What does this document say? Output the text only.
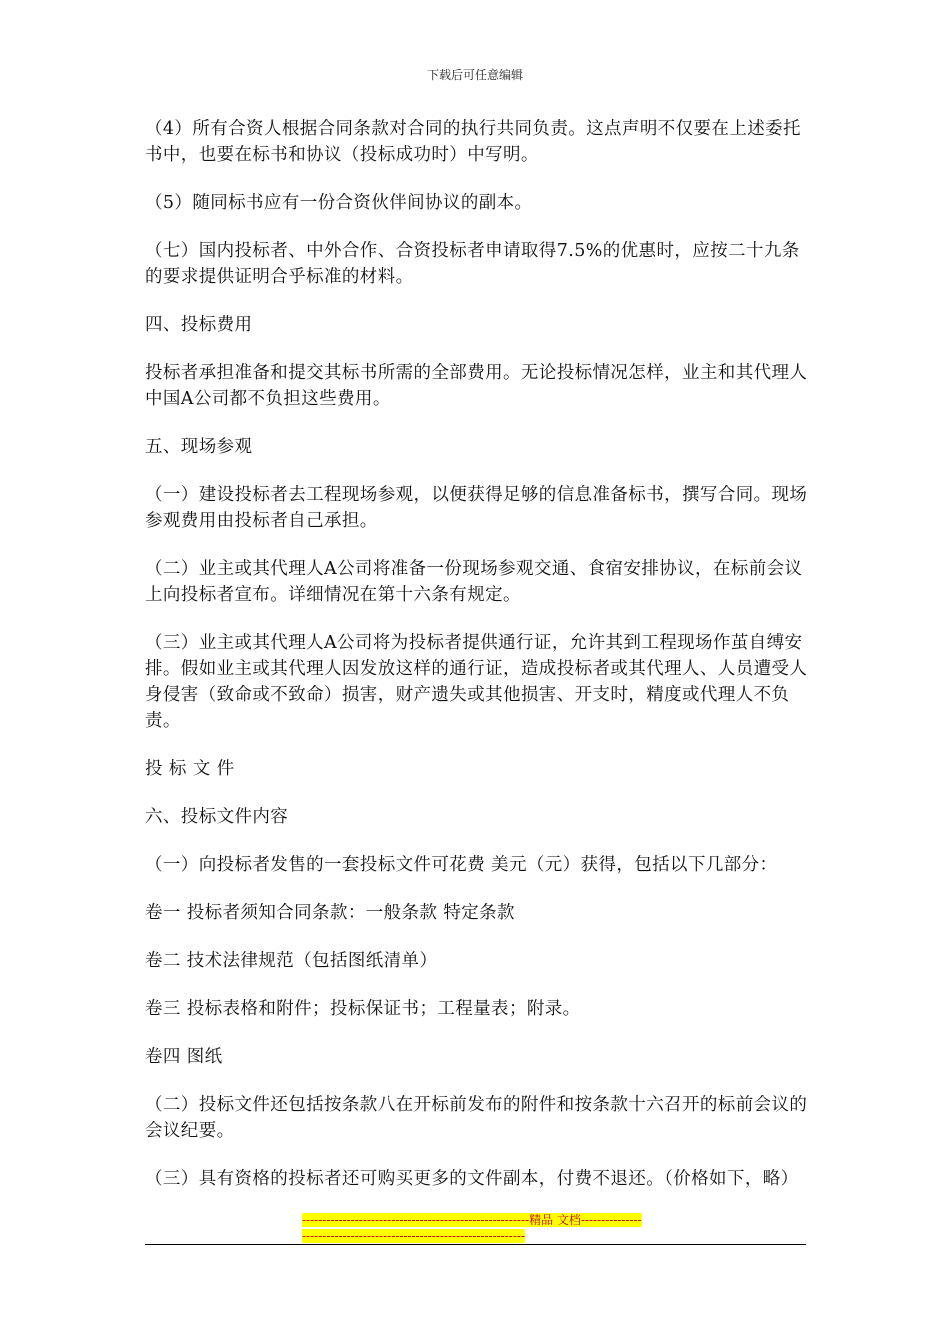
下载后可任意编辑

（4）所有合资人根据合同条款对合同的执行共同负责。这点声明不仅要在上述委托书中，也要在标书和协议（投标成功时）中写明。

（5）随同标书应有一份合资伙伴间协议的副本。

（七）国内投标者、中外合作、合资投标者申请取得7.5%的优惠时，应按二十九条的要求提供证明合乎标准的材料。

四、投标费用

投标者承担准备和提交其标书所需的全部费用。无论投标情况怎样，业主和其代理人中国A公司都不负担这些费用。

五、现场参观

（一）建设投标者去工程现场参观，以便获得足够的信息准备标书，撰写合同。现场参观费用由投标者自己承担。

（二）业主或其代理人A公司将准备一份现场参观交通、食宿安排协议，在标前会议上向投标者宣布。详细情况在第十六条有规定。

（三）业主或其代理人A公司将为投标者提供通行证，允许其到工程现场作茧自缚安排。假如业主或其代理人因发放这样的通行证，造成投标者或其代理人、人员遭受人身侵害（致命或不致命）损害，财产遗失或其他损害、开支时，精度或代理人不负责。

投 标 文 件

六、投标文件内容

（一）向投标者发售的一套投标文件可花费 美元（元）获得，包括以下几部分：

卷一 投标者须知合同条款：一般条款 特定条款

卷二 技术法律规范（包括图纸清单）

卷三 投标表格和附件；投标保证书；工程量表；附录。

卷四 图纸

（二）投标文件还包括按条款八在开标前发布的附件和按条款十六召开的标前会议的会议纪要。

（三）具有资格的投标者还可购买更多的文件副本，付费不退还。（价格如下，略）

--------------------------------------------------------精品 文档----------------------------------------------------------------------
